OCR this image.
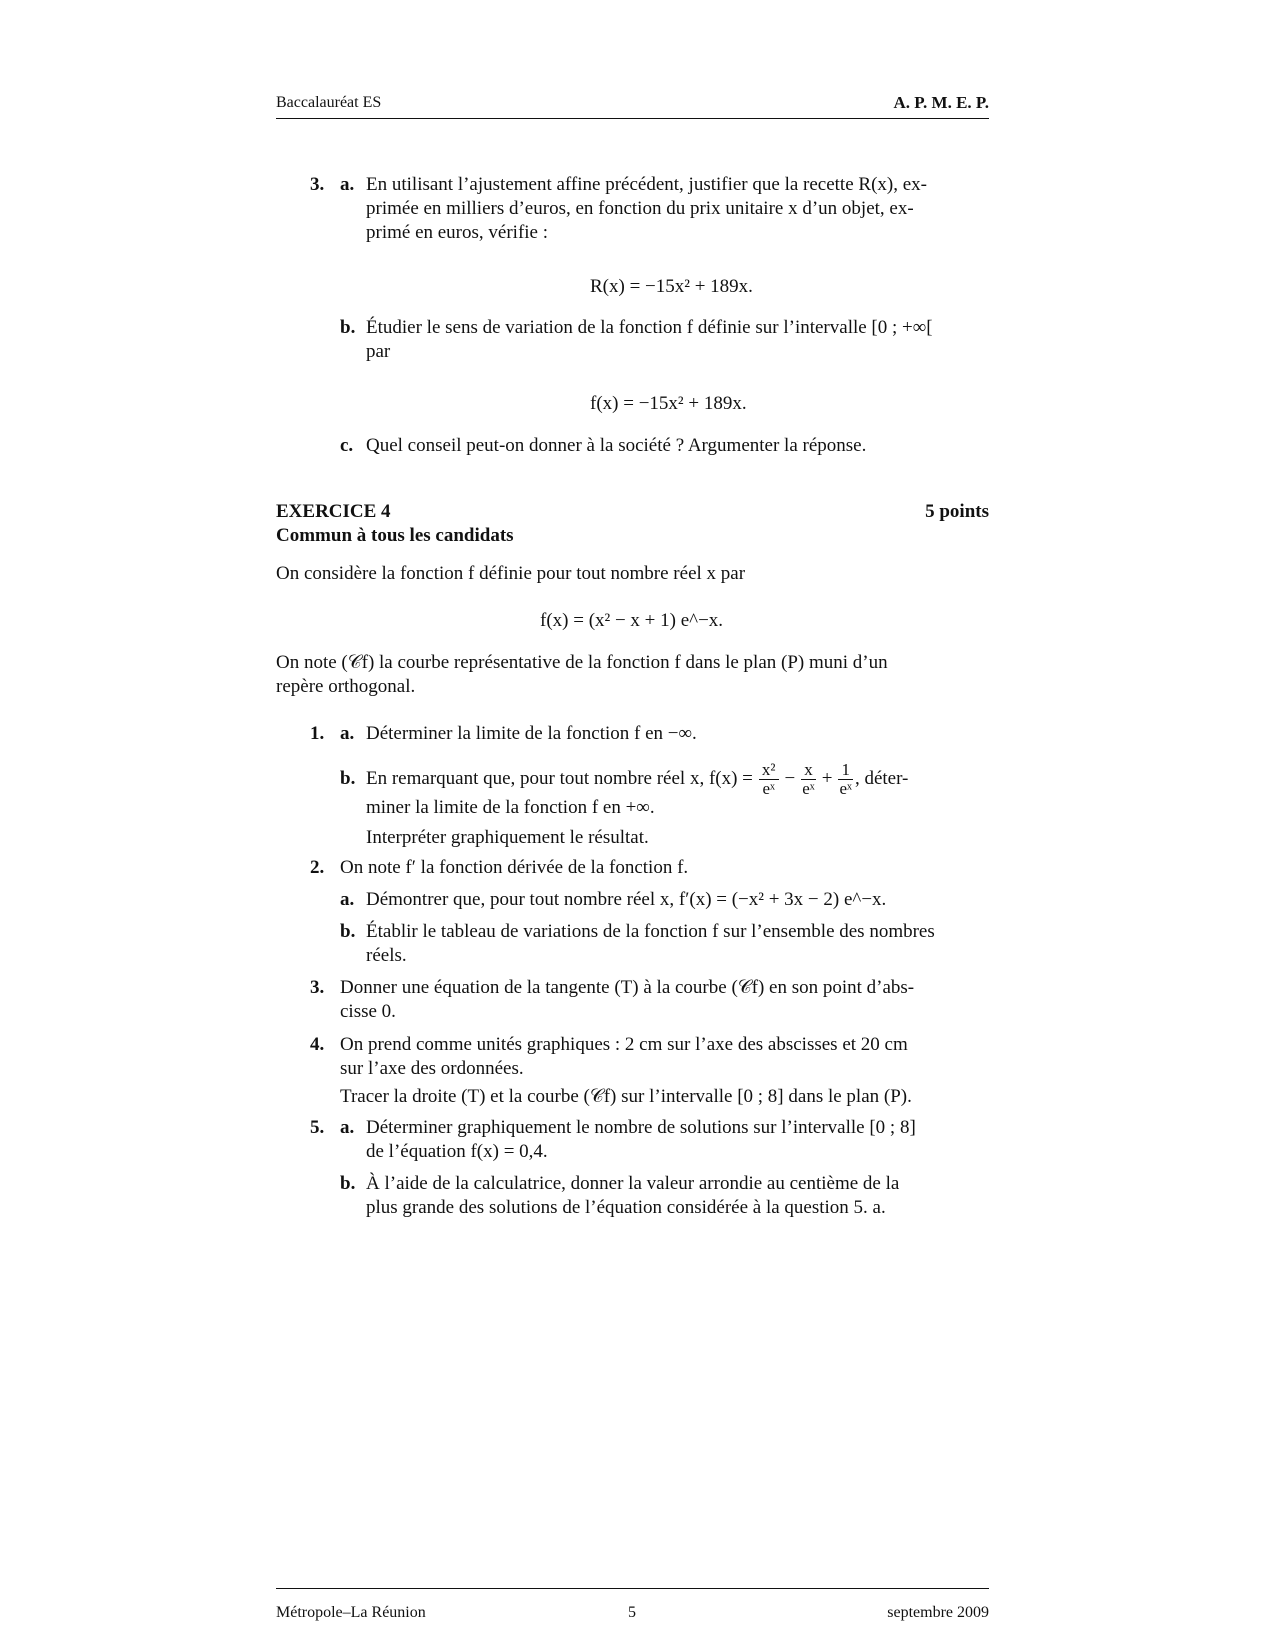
Baccalauréat ES	A. P. M. E. P.
3. a. En utilisant l’ajustement affine précédent, justifier que la recette R(x), ex-
primée en milliers d’euros, en fonction du prix unitaire x d’un objet, ex-
primé en euros, vérifie :
R(x) = −15x² + 189x.
b. Étudier le sens de variation de la fonction f définie sur l’intervalle [0 ; +∞[
par
f(x) = −15x² + 189x.
c. Quel conseil peut-on donner à la société ? Argumenter la réponse.
EXERCICE 4	5 points
Commun à tous les candidats
On considère la fonction f définie pour tout nombre réel x par
f(x) = (x² − x + 1) e^−x.
On note (𝒞f) la courbe représentative de la fonction f dans le plan (P) muni d’un
repère orthogonal.
1. a. Déterminer la limite de la fonction f en −∞.
b. En remarquant que, pour tout nombre réel x, $f(x) = \frac{\text{x²}}{\text{eˣ}} - \frac{x}{\text{eˣ}} + \frac{1}{\text{eˣ}}$ , déter-
miner la limite de la fonction f en +∞.
Interpréter graphiquement le résultat.
2. On note f′ la fonction dérivée de la fonction f.
a. Démontrer que, pour tout nombre réel x, f′(x) = (−x² + 3x − 2) e^−x.
b. Établir le tableau de variations de la fonction f sur l’ensemble des nombres
réels.
3. Donner une équation de la tangente (T) à la courbe (𝒞f) en son point d’abs-
cisse 0.
4. On prend comme unités graphiques : 2 cm sur l’axe des abscisses et 20 cm
sur l’axe des ordonnées.
Tracer la droite (T) et la courbe (𝒞f) sur l’intervalle [0 ; 8] dans le plan (P).
5. a. Déterminer graphiquement le nombre de solutions sur l’intervalle [0 ; 8]
de l’équation f(x) = 0,4.
b. À l’aide de la calculatrice, donner la valeur arrondie au centième de la
plus grande des solutions de l’équation considérée à la question 5. a.
Métropole–La Réunion	5	septembre 2009
